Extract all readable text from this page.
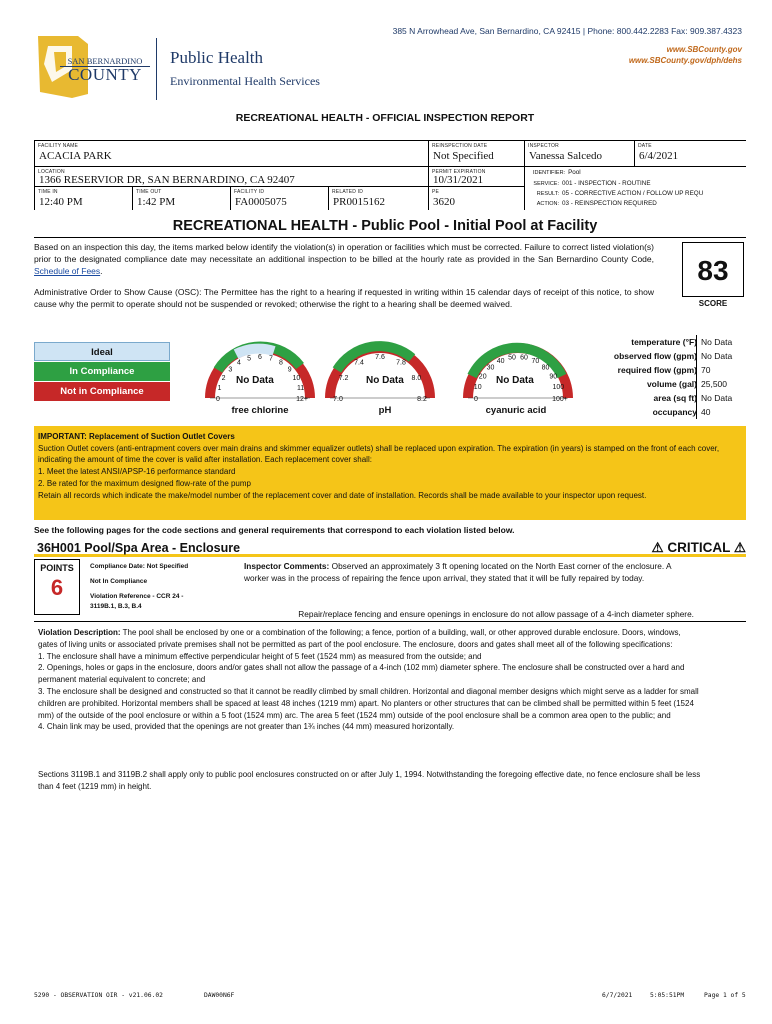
385 N Arrowhead Ave, San Bernardino, CA 92415 | Phone: 800.442.2283 Fax: 909.387.4323
www.SBCounty.gov
www.SBCounty.gov/dph/dehs
SAN BERNARDINO
COUNTY
Public Health
Environmental Health Services
RECREATIONAL HEALTH - OFFICIAL INSPECTION REPORT
FACILITY NAME
ACACIA PARK
REINSPECTION DATE
Not Specified
INSPECTOR
Vanessa Salcedo
DATE
6/4/2021
LOCATION
1366 RESERVIOR DR, SAN BERNARDINO, CA 92407
PERMIT EXPIRATION
10/31/2021
TIME IN
12:40 PM
TIME OUT
1:42 PM
FACILITY ID
FA0005075
RELATED ID
PR0015162
PE
3620
IDENTIFIER: Pool
SERVICE: 001 - INSPECTION - ROUTINE
RESULT: 05 - CORRECTIVE ACTION / FOLLOW UP REQU
ACTION: 03 - REINSPECTION REQUIRED
RECREATIONAL HEALTH - Public Pool - Initial Pool at Facility
Based on an inspection this day, the items marked below identify the violation(s) in operation or facilities which must be corrected. Failure to correct listed violation(s) prior to the designated compliance date may necessitate an additional inspection to be billed at the hourly rate as provided in the San Bernardino County Code, Schedule of Fees.
Administrative Order to Show Cause (OSC): The Permittee has the right to a hearing if requested in writing within 15 calendar days of receipt of this notice, to show cause why the permit to operate should not be suspended or revoked; otherwise the right to a hearing shall be deemed waived.
83
SCORE
Ideal
In Compliance
Not in Compliance
0
1
2
3
4
5 6 7
8
9
10
11
12+	7.0
7.2
7.4
7.6
7.8
8.0
8.2	0
10
20
30
40 50 60 70
80
90
100
100+
No Data	No Data	No Data
free chlorine	pH	cyanuric acid
temperature (°F) No Data
observed flow (gpm) No Data
required flow (gpm) 70
volume (gal) 25,500
area (sq ft) No Data
occupancy 40
IMPORTANT: Replacement of Suction Outlet Covers
Suction Outlet covers (anti-entrapment covers over main drains and skimmer equalizer outlets) shall be replaced upon expiration. The expiration (in years) is stamped on the front of each cover, indicating the amount of time the cover is valid after installation. Each replacement cover shall:
1. Meet the latest ANSI/APSP-16 performance standard
2. Be rated for the maximum designed flow-rate of the pump
Retain all records which indicate the make/model number of the replacement cover and date of installation. Records shall be made available to your inspector upon request.
See the following pages for the code sections and general requirements that correspond to each violation listed below.
36H001 Pool/Spa Area - Enclosure	⚠ CRITICAL ⚠
POINTS
6
Compliance Date: Not Specified
Not In Compliance
Violation Reference - CCR 24 -
3119B.1, B.3, B.4
Inspector Comments: Observed an approximately 3 ft opening located on the North East corner of the enclosure. A worker was in the process of repairing the fence upon arrival, they stated that it will be fully repaired by today.
Repair/replace fencing and ensure openings in enclosure do not allow passage of a 4-inch diameter sphere.
Violation Description: The pool shall be enclosed by one or a combination of the following; a fence, portion of a building, wall, or other approved durable enclosure. Doors, windows, gates of living units or associated private premises shall not be permitted as part of the pool enclosure. The enclosure, doors and gates shall meet all of the following specifications:
1. The enclosure shall have a minimum effective perpendicular height of 5 feet (1524 mm) as measured from the outside; and
2. Openings, holes or gaps in the enclosure, doors and/or gates shall not allow the passage of a 4-inch (102 mm) diameter sphere. The enclosure shall be constructed over a hard and permanent material equivalent to concrete; and
3. The enclosure shall be designed and constructed so that it cannot be readily climbed by small children. Horizontal and diagonal member designs which might serve as a ladder for small children are prohibited. Horizontal members shall be spaced at least 48 inches (1219 mm) apart. No planters or other structures that can be climbed shall be permitted within 5 feet (1524 mm) of the outside of the pool enclosure or within a 5 foot (1524 mm) arc. The area 5 feet (1524 mm) outside of the pool enclosure shall be a common area open to the public; and
4. Chain link may be used, provided that the openings are not greater than 1¾ inches (44 mm) measured horizontally.
Sections 3119B.1 and 3119B.2 shall apply only to public pool enclosures constructed on or after July 1, 1994. Notwithstanding the foregoing effective date, no fence enclosure shall be less than 4 feet (1219 mm) in height.
5290 - OBSERVATION OIR - v21.06.02	DAW00N6F	6/7/2021	5:05:51PM	Page 1 of 5
